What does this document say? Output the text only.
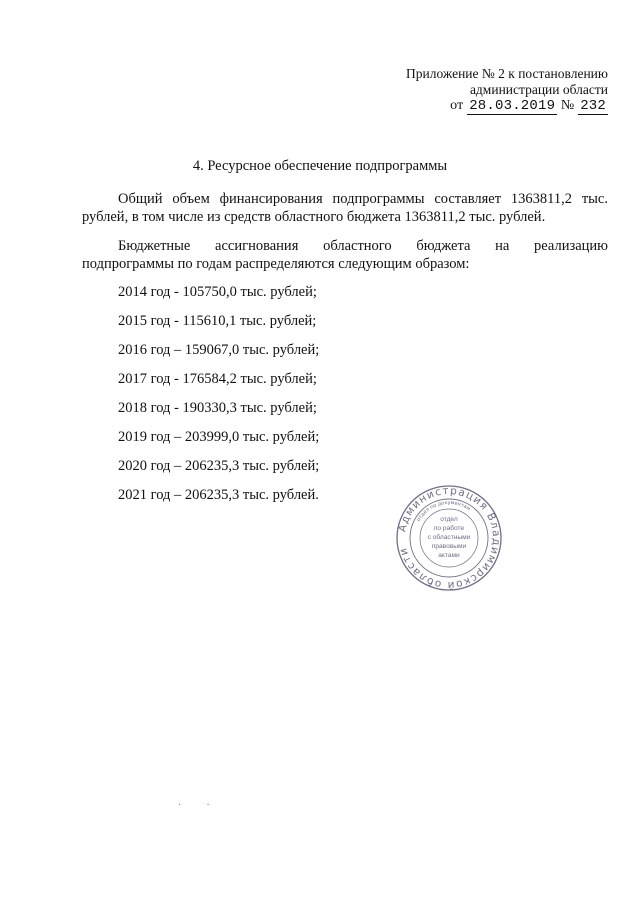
Приложение № 2 к постановлению
администрации области
от 28.03.2019 № 232
4. Ресурсное обеспечение подпрограммы
Общий объем финансирования подпрограммы составляет 1363811,2 тыс.
рублей, в том числе из средств областного бюджета 1363811,2 тыс. рублей.
Бюджетные ассигнования областного бюджета на реализацию
подпрограммы по годам распределяются следующим образом:
2014 год - 105750,0 тыс. рублей;
2015 год - 115610,1 тыс. рублей;
2016 год – 159067,0 тыс. рублей;
2017 год - 176584,2 тыс. рублей;
2018 год - 190330,3 тыс. рублей;
2019 год – 203999,0 тыс. рублей;
2020 год – 206235,3 тыс. рублей;
2021 год – 206235,3 тыс. рублей.
Администрация Владимирской области
отдел по документам
отдел
по работе
с областными
правовыми
актами
·          ·
